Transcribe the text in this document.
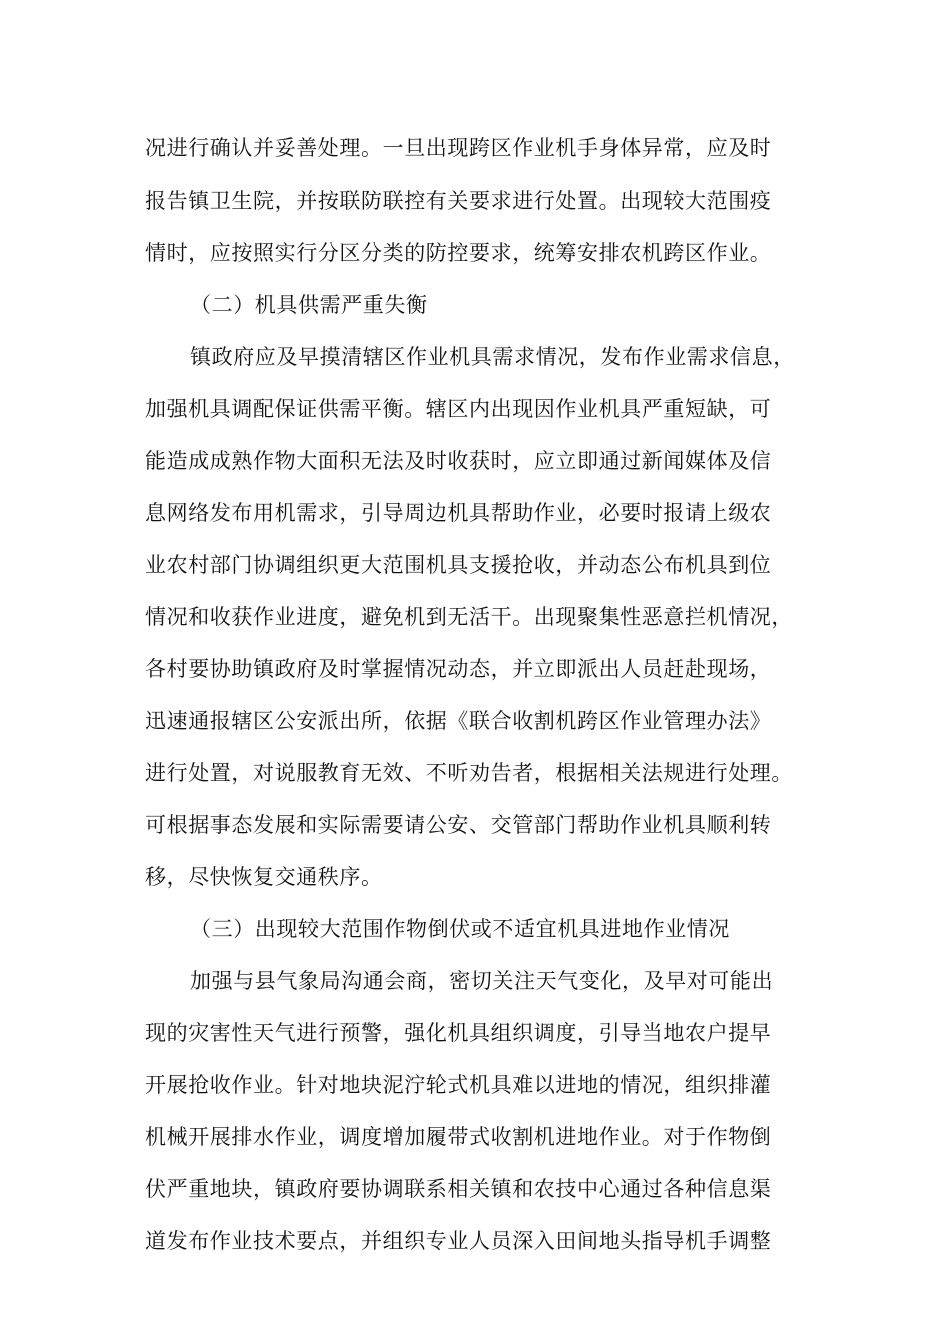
况进行确认并妥善处理。一旦出现跨区作业机手身体异常，应及时
报告镇卫生院，并按联防联控有关要求进行处置。出现较大范围疫
情时，应按照实行分区分类的防控要求，统筹安排农机跨区作业。
（二）机具供需严重失衡
镇政府应及早摸清辖区作业机具需求情况，发布作业需求信息，
加强机具调配保证供需平衡。辖区内出现因作业机具严重短缺，可
能造成成熟作物大面积无法及时收获时，应立即通过新闻媒体及信
息网络发布用机需求，引导周边机具帮助作业，必要时报请上级农
业农村部门协调组织更大范围机具支援抢收，并动态公布机具到位
情况和收获作业进度，避免机到无活干。出现聚集性恶意拦机情况，
各村要协助镇政府及时掌握情况动态，并立即派出人员赶赴现场，
迅速通报辖区公安派出所，依据《联合收割机跨区作业管理办法》
进行处置，对说服教育无效、不听劝告者，根据相关法规进行处理。
可根据事态发展和实际需要请公安、交管部门帮助作业机具顺利转
移，尽快恢复交通秩序。
（三）出现较大范围作物倒伏或不适宜机具进地作业情况
加强与县气象局沟通会商，密切关注天气变化，及早对可能出
现的灾害性天气进行预警，强化机具组织调度，引导当地农户提早
开展抢收作业。针对地块泥泞轮式机具难以进地的情况，组织排灌
机械开展排水作业，调度增加履带式收割机进地作业。对于作物倒
伏严重地块，镇政府要协调联系相关镇和农技中心通过各种信息渠
道发布作业技术要点，并组织专业人员深入田间地头指导机手调整
